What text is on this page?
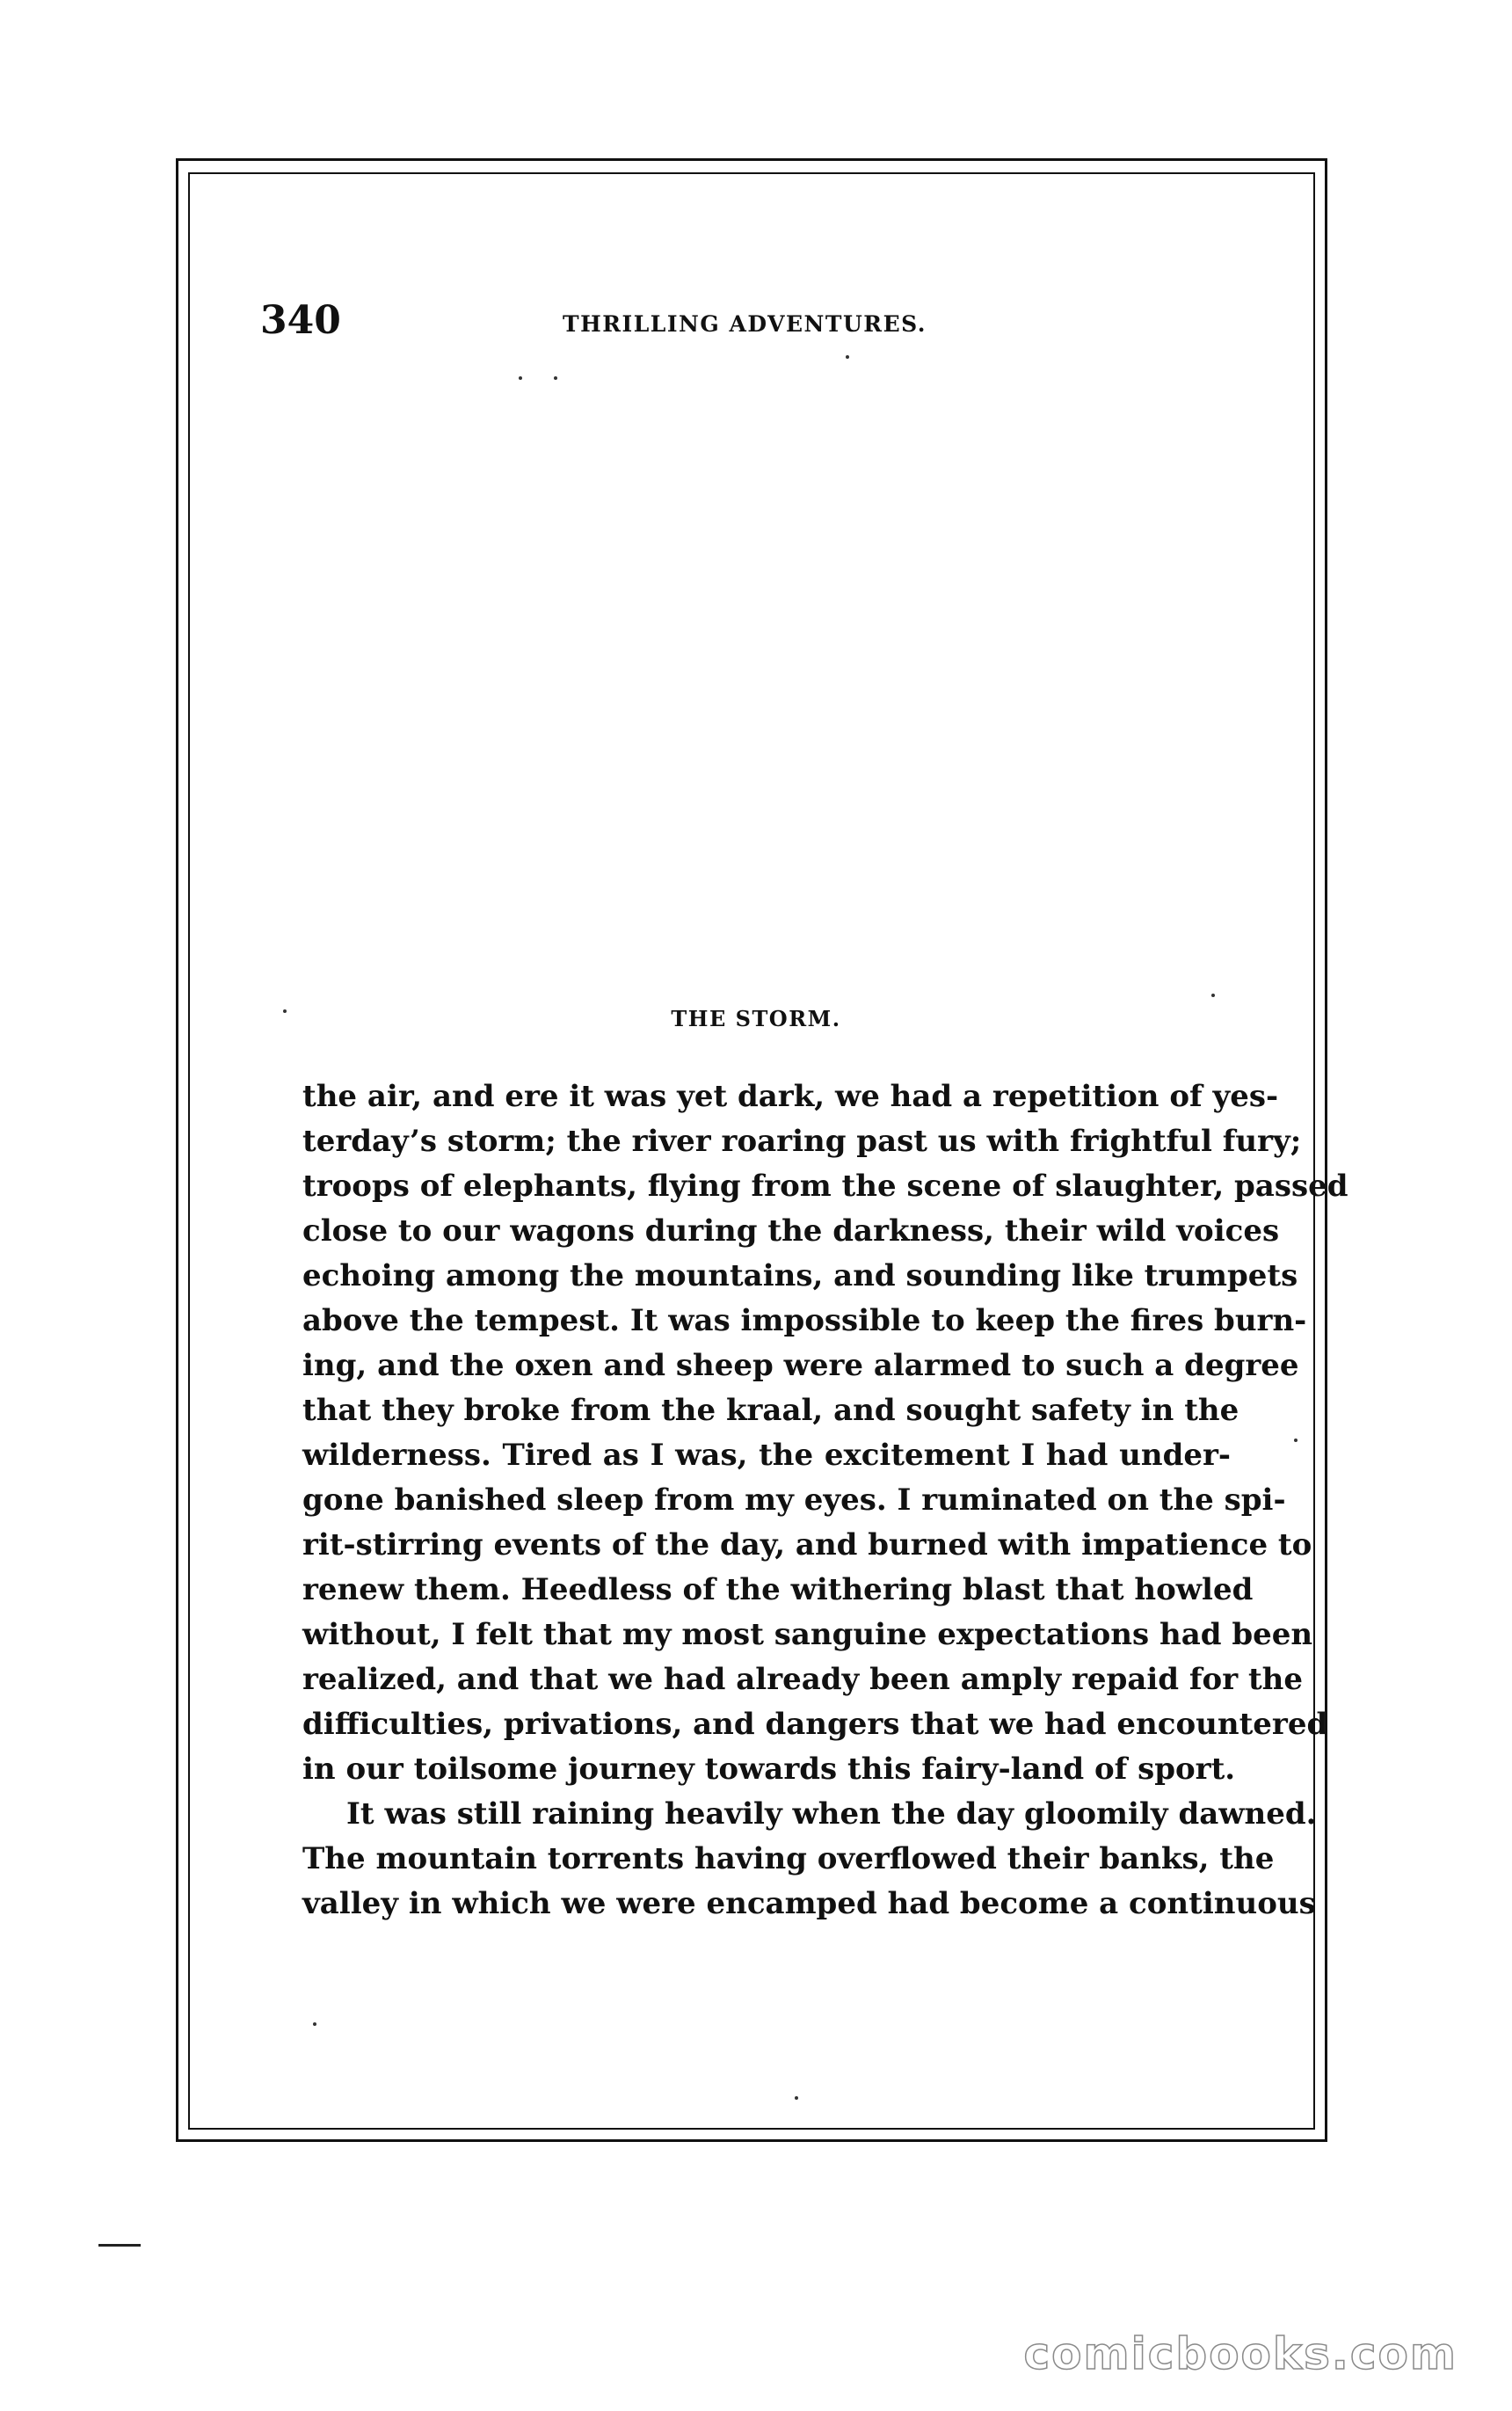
340	THRILLING ADVENTURES.
THE STORM.
the air, and ere it was yet dark, we had a repetition of yes-
terday’s storm; the river roaring past us with frightful fury;
troops of elephants, flying from the scene of slaughter, passed
close to our wagons during the darkness, their wild voices
echoing among the mountains, and sounding like trumpets
above the tempest. It was impossible to keep the fires burn-
ing, and the oxen and sheep were alarmed to such a degree
that they broke from the kraal, and sought safety in the
wilderness. Tired as I was, the excitement I had under-
gone banished sleep from my eyes. I ruminated on the spi-
rit-stirring events of the day, and burned with impatience to
renew them. Heedless of the withering blast that howled
without, I felt that my most sanguine expectations had been
realized, and that we had already been amply repaid for the
difficulties, privations, and dangers that we had encountered
in our toilsome journey towards this fairy-land of sport.
It was still raining heavily when the day gloomily dawned.
The mountain torrents having overflowed their banks, the
valley in which we were encamped had become a continuous
comicbooks.com
